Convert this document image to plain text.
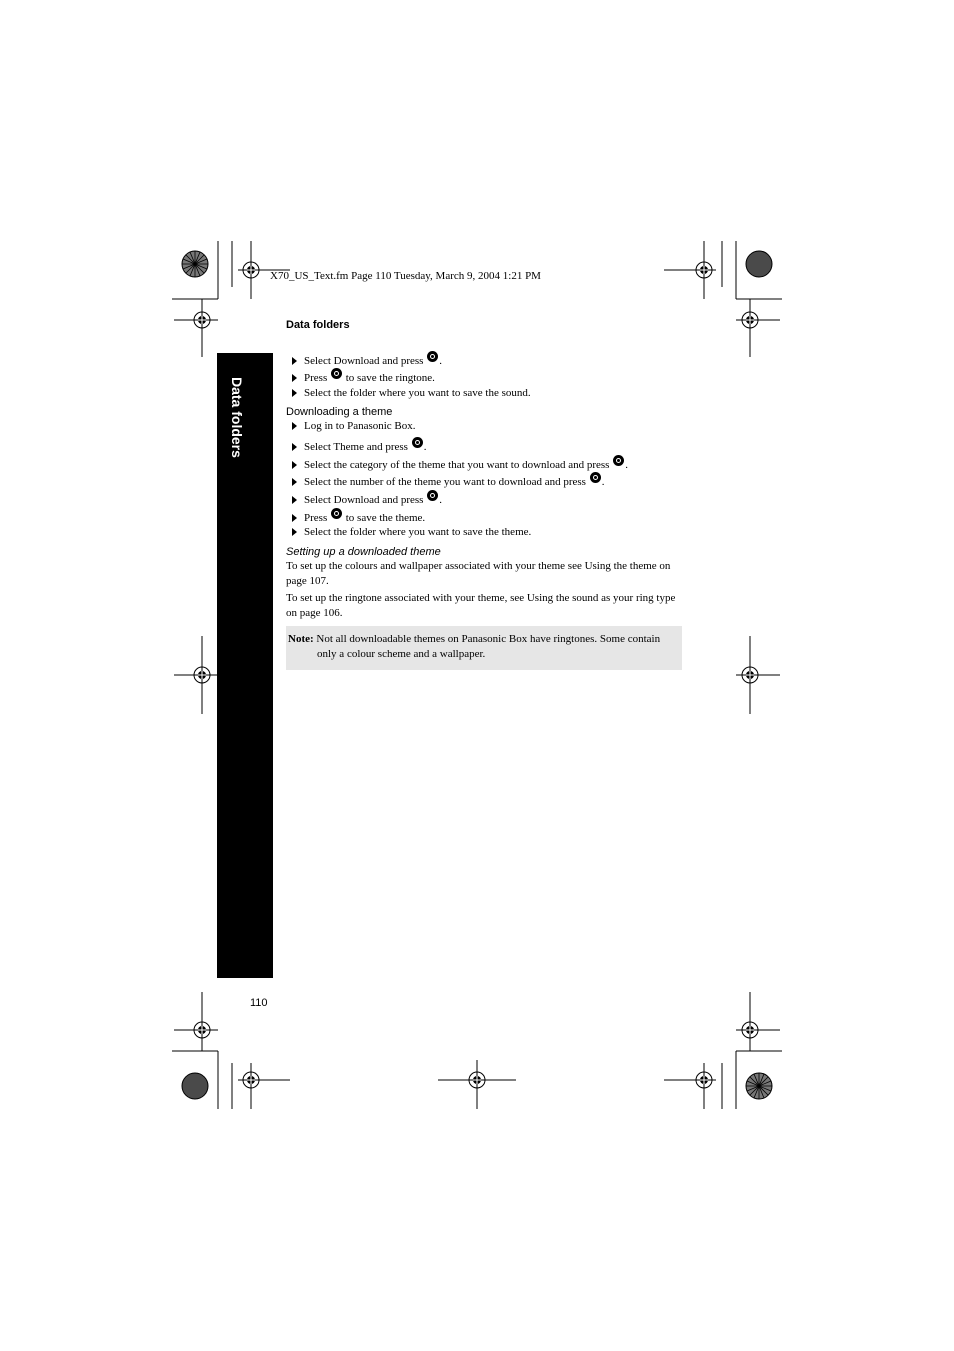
X70_US_Text.fm Page 110 Tuesday, March 9, 2004 1:21 PM
Data folders
Data folders
Select Download and press .
Press to save the ringtone.
Select the folder where you want to save the sound.
Downloading a theme
Log in to Panasonic Box.
Select Theme and press .
Select the category of the theme that you want to download and press .
Select the number of the theme you want to download and press .
Select Download and press .
Press to save the theme.
Select the folder where you want to save the theme.
Setting up a downloaded theme
To set up the colours and wallpaper associated with your theme see Using the theme on page 107.
To set up the ringtone associated with your theme, see Using the sound as your ring type on page 106.
Note: Not all downloadable themes on Panasonic Box have ringtones. Some contain
only a colour scheme and a wallpaper.
110
